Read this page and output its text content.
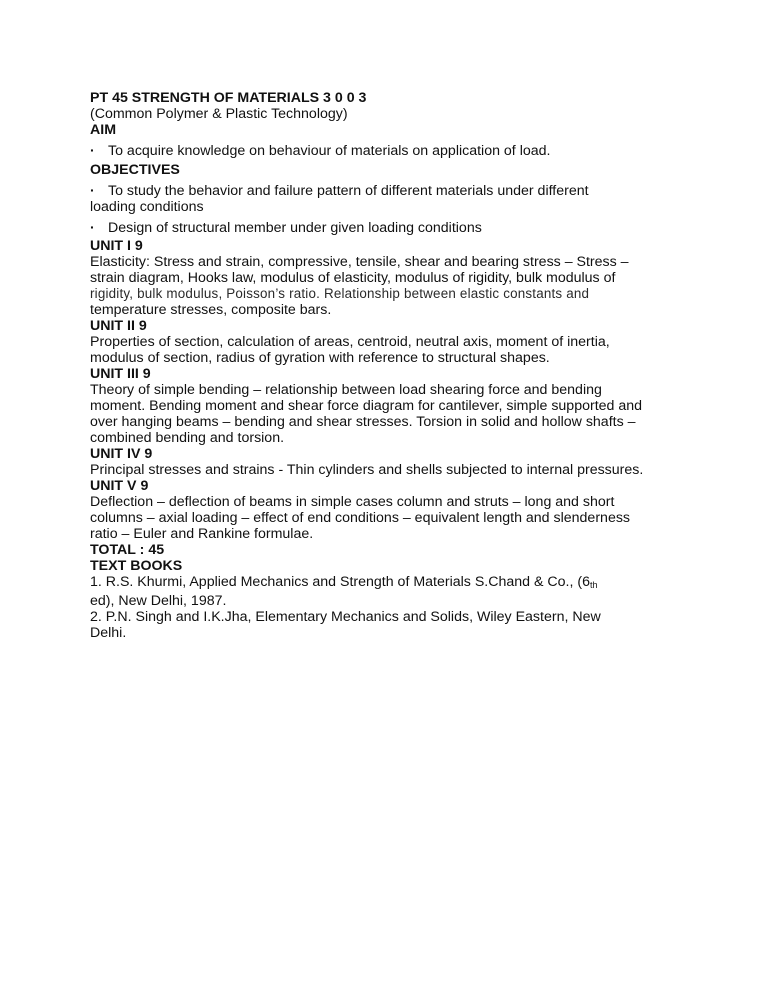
PT 45 STRENGTH OF MATERIALS 3 0 0 3
(Common Polymer & Plastic Technology)
AIM
· To acquire knowledge on behaviour of materials on application of load.
OBJECTIVES
· To study the behavior and failure pattern of different materials under different
loading conditions
· Design of structural member under given loading conditions
UNIT I 9
Elasticity: Stress and strain, compressive, tensile, shear and bearing stress – Stress –
strain diagram, Hooks law, modulus of elasticity, modulus of rigidity, bulk modulus of
rigidity, bulk modulus, Poisson’s ratio. Relationship between elastic constants and
temperature stresses, composite bars.
UNIT II 9
Properties of section, calculation of areas, centroid, neutral axis, moment of inertia,
modulus of section, radius of gyration with reference to structural shapes.
UNIT III 9
Theory of simple bending – relationship between load shearing force and bending
moment. Bending moment and shear force diagram for cantilever, simple supported and
over hanging beams – bending and shear stresses. Torsion in solid and hollow shafts –
combined bending and torsion.
UNIT IV 9
Principal stresses and strains - Thin cylinders and shells subjected to internal pressures.
UNIT V 9
Deflection – deflection of beams in simple cases column and struts – long and short
columns – axial loading – effect of end conditions – equivalent length and slenderness
ratio – Euler and Rankine formulae.
TOTAL : 45
TEXT BOOKS
1. R.S. Khurmi, Applied Mechanics and Strength of Materials S.Chand & Co., (6th
ed), New Delhi, 1987.
2. P.N. Singh and I.K.Jha, Elementary Mechanics and Solids, Wiley Eastern, New
Delhi.
